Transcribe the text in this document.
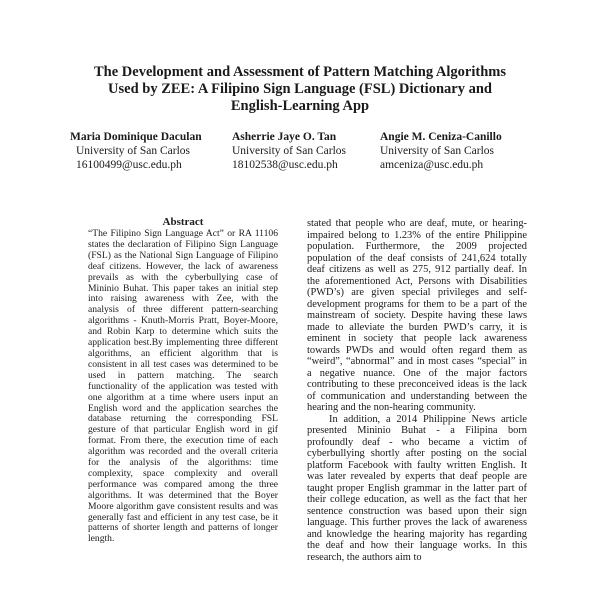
The Development and Assessment of Pattern Matching Algorithms
Used by ZEE: A Filipino Sign Language (FSL) Dictionary and
English-Learning App
Maria Dominique Daculan
University of San Carlos
16100499@usc.edu.ph
Asherrie Jaye O. Tan
University of San Carlos
18102538@usc.edu.ph
Angie M. Ceniza-Canillo
University of San Carlos
amceniza@usc.edu.ph
Abstract

“The Filipino Sign Language Act” or RA 11106 states the declaration of Filipino Sign Language (FSL) as the National Sign Language of Filipino deaf citizens. However, the lack of awareness prevails as with the cyberbullying case of Mininio Buhat. This paper takes an initial step into raising awareness with Zee, with the analysis of three different pattern-searching algorithms - Knuth-Morris Pratt, Boyer-Moore, and Robin Karp to determine which suits the application best.By implementing three different algorithms, an efficient algorithm that is consistent in all test cases was determined to be used in pattern matching. The search functionality of the application was tested with one algorithm at a time where users input an English word and the application searches the database returning the corresponding FSL gesture of that particular English word in gif format. From there, the execution time of each algorithm was recorded and the overall criteria for the analysis of the algorithms: time complexity, space complexity and overall performance was compared among the three algorithms. It was determined that the Boyer Moore algorithm gave consistent results and was generally fast and efficient in any test case, be it patterns of shorter length and patterns of longer length.

stated that people who are deaf, mute, or hearing-impaired belong to 1.23% of the entire Philippine population. Furthermore, the 2009 projected population of the deaf consists of 241,624 totally deaf citizens as well as 275, 912 partially deaf. In the aforementioned Act, Persons with Disabilities (PWD’s) are given special privileges and self-development programs for them to be a part of the mainstream of society. Despite having these laws made to alleviate the burden PWD’s carry, it is eminent in society that people lack awareness towards PWDs and would often regard them as “weird”, “abnormal” and in most cases “special” in a negative nuance. One of the major factors contributing to these preconceived ideas is the lack of communication and understanding between the hearing and the non-hearing community.

In addition, a 2014 Philippine News article presented Mininio Buhat - a Filipina born profoundly deaf - who became a victim of cyberbullying shortly after posting on the social platform Facebook with faulty written English. It was later revealed by experts that deaf people are taught proper English grammar in the latter part of their college education, as well as the fact that her sentence construction was based upon their sign language. This further proves the lack of awareness and knowledge the hearing majority has regarding the deaf and how their language works. In this research, the authors aim to
